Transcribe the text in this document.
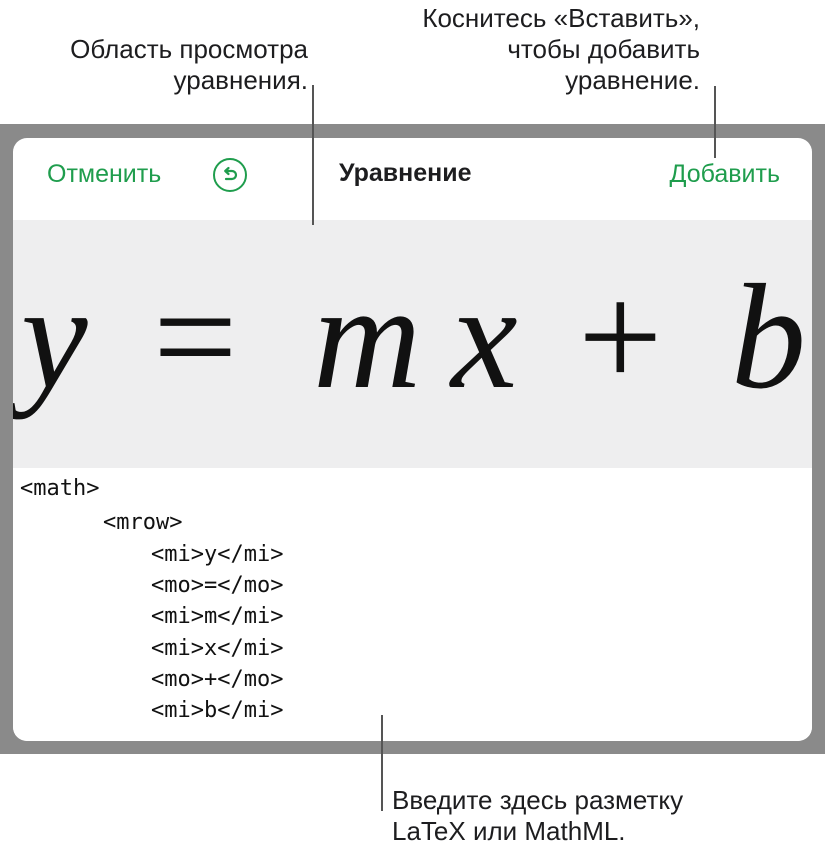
Область просмотра
уравнения.
Коснитесь «Вставить»,
чтобы добавить
уравнение.
Отменить	Уравнение	Добавить
y = m x + b
<math>
<mrow>
<mi>y</mi>
<mo>=</mo>
<mi>m</mi>
<mi>x</mi>
<mo>+</mo>
<mi>b</mi>
Введите здесь разметку
LaTeX или MathML.
